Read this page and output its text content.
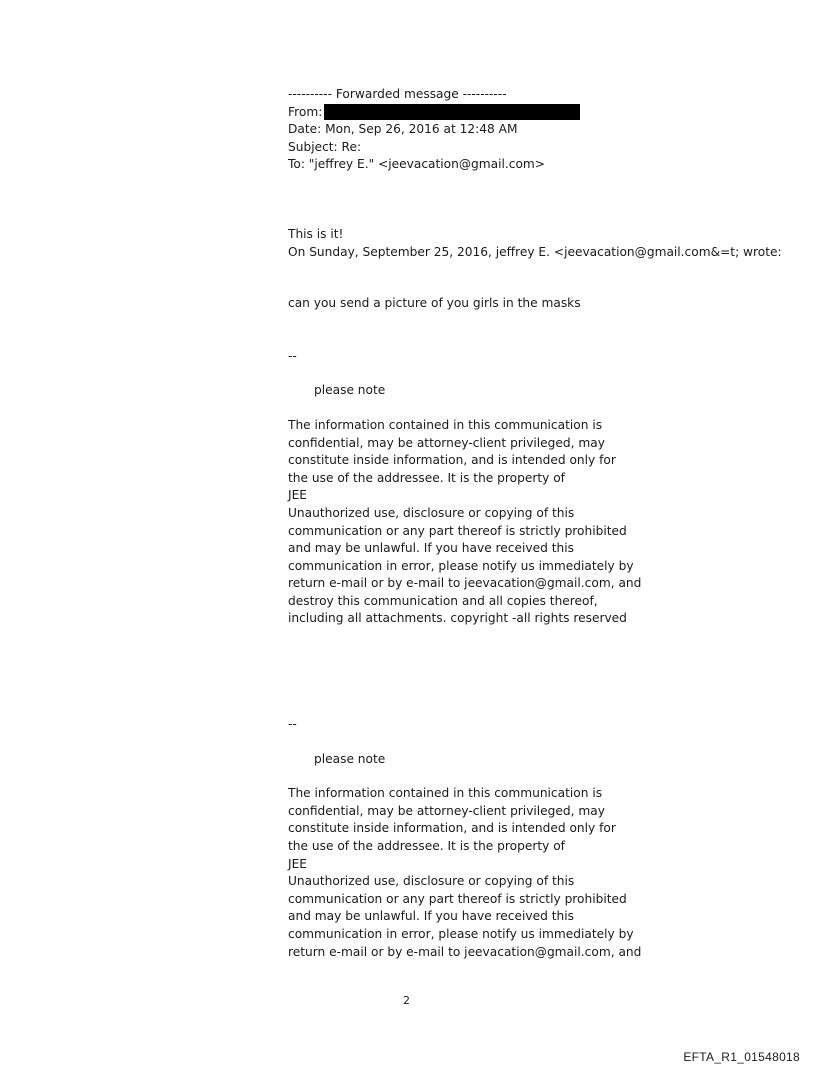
---------- Forwarded message ----------
From:
Date: Mon, Sep 26, 2016 at 12:48 AM
Subject: Re:
To: "jeffrey E." <jeevacation@gmail.com>
This is it!
On Sunday, September 25, 2016, jeffrey E. <jeevacation@gmail.com&=t; wrote:
can you send a picture of you girls in the masks
--
please note
The information contained in this communication is
confidential, may be attorney-client privileged, may
constitute inside information, and is intended only for
the use of the addressee. It is the property of
JEE
Unauthorized use, disclosure or copying of this
communication or any part thereof is strictly prohibited
and may be unlawful. If you have received this
communication in error, please notify us immediately by
return e-mail or by e-mail to jeevacation@gmail.com, and
destroy this communication and all copies thereof,
including all attachments. copyright -all rights reserved
--
please note
The information contained in this communication is
confidential, may be attorney-client privileged, may
constitute inside information, and is intended only for
the use of the addressee. It is the property of
JEE
Unauthorized use, disclosure or copying of this
communication or any part thereof is strictly prohibited
and may be unlawful. If you have received this
communication in error, please notify us immediately by
return e-mail or by e-mail to jeevacation@gmail.com, and
2
EFTA_R1_01548018
